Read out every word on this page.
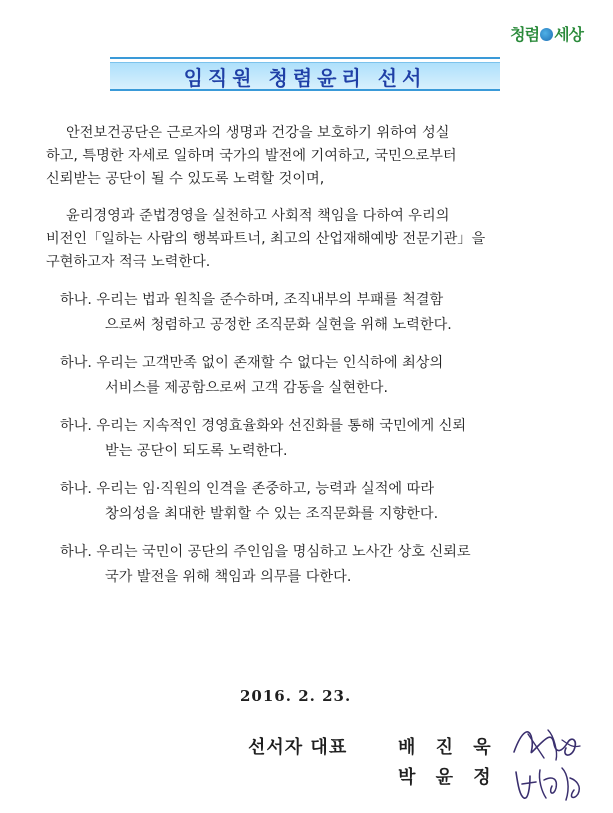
청렴 세상
임직원 청렴윤리 선서
안전보건공단은 근로자의 생명과 건강을 보호하기 위하여 성실
하고, 특명한 자세로 일하며 국가의 발전에 기여하고, 국민으로부터
신뢰받는 공단이 될 수 있도록 노력할 것이며,
윤리경영과 준법경영을 실천하고 사회적 책임을 다하여 우리의
비전인「일하는 사람의 행복파트너, 최고의 산업재해예방 전문기관」을
구현하고자 적극 노력한다.
하나. 우리는 법과 원칙을 준수하며, 조직내부의 부패를 척결함
으로써 청렴하고 공정한 조직문화 실현을 위해 노력한다.
하나. 우리는 고객만족 없이 존재할 수 없다는 인식하에 최상의
서비스를 제공함으로써 고객 감동을 실현한다.
하나. 우리는 지속적인 경영효율화와 선진화를 통해 국민에게 신뢰
받는 공단이 되도록 노력한다.
하나. 우리는 임·직원의 인격을 존중하고, 능력과 실적에 따라
창의성을 최대한 발휘할 수 있는 조직문화를 지향한다.
하나. 우리는 국민이 공단의 주인임을 명심하고 노사간 상호 신뢰로
국가 발전을 위해 책임과 의무를 다한다.
2016. 2. 23.
선서자 대표	배 진 욱
박 윤 정
